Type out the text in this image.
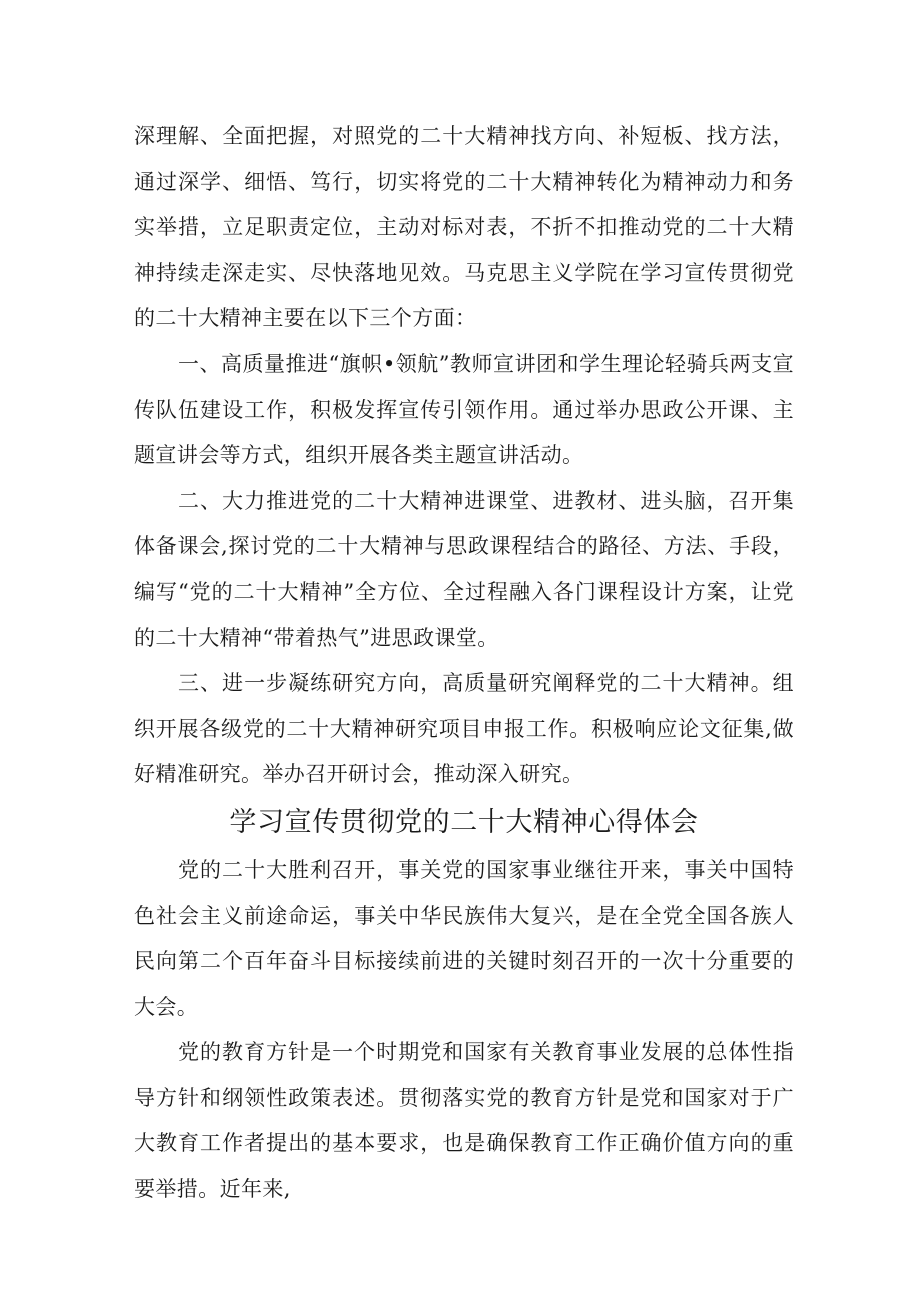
深理解、全面把握，对照党的二十大精神找方向、补短板、找方法，通过深学、细悟、笃行，切实将党的二十大精神转化为精神动力和务实举措，立足职责定位，主动对标对表，不折不扣推动党的二十大精神持续走深走实、尽快落地见效。马克思主义学院在学习宣传贯彻党的二十大精神主要在以下三个方面：

一、高质量推进“旗帜•领航”教师宣讲团和学生理论轻骑兵两支宣传队伍建设工作，积极发挥宣传引领作用。通过举办思政公开课、主题宣讲会等方式，组织开展各类主题宣讲活动。

二、大力推进党的二十大精神进课堂、进教材、进头脑，召开集体备课会,探讨党的二十大精神与思政课程结合的路径、方法、手段，编写“党的二十大精神”全方位、全过程融入各门课程设计方案，让党的二十大精神“带着热气”进思政课堂。

三、进一步凝练研究方向，高质量研究阐释党的二十大精神。组织开展各级党的二十大精神研究项目申报工作。积极响应论文征集,做好精准研究。举办召开研讨会，推动深入研究。

学习宣传贯彻党的二十大精神心得体会

党的二十大胜利召开，事关党的国家事业继往开来，事关中国特色社会主义前途命运，事关中华民族伟大复兴，是在全党全国各族人民向第二个百年奋斗目标接续前进的关键时刻召开的一次十分重要的大会。

党的教育方针是一个时期党和国家有关教育事业发展的总体性指导方针和纲领性政策表述。贯彻落实党的教育方针是党和国家对于广大教育工作者提出的基本要求，也是确保教育工作正确价值方向的重要举措。近年来,
